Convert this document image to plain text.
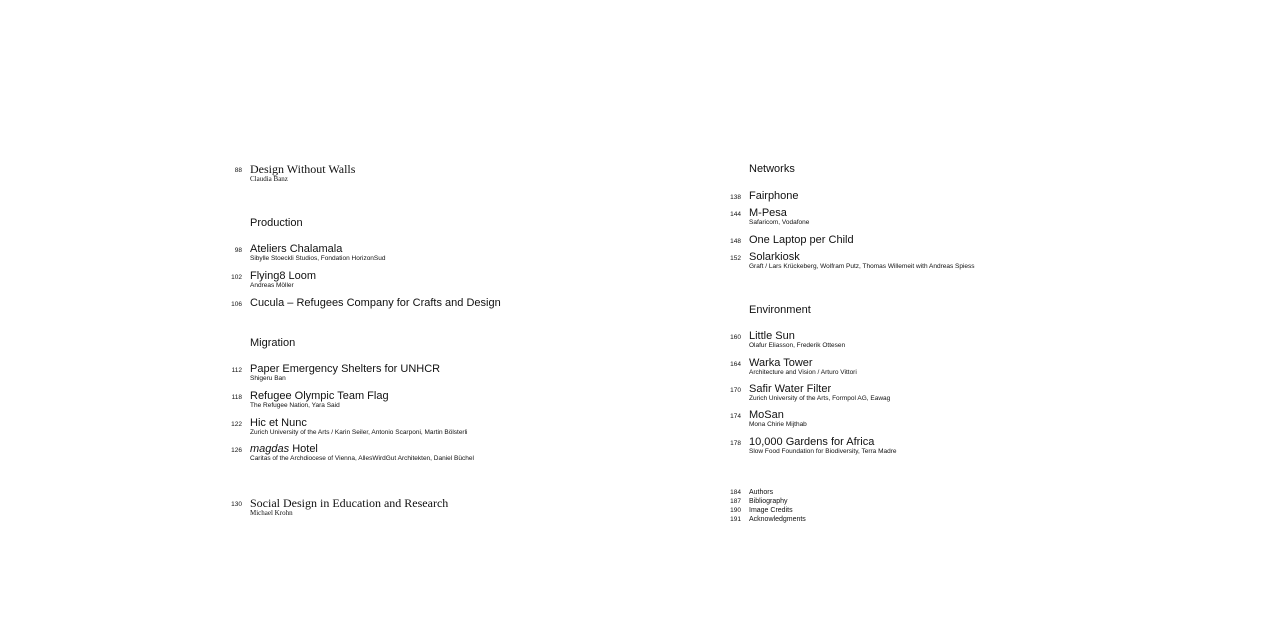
88 Design Without Walls
Claudia Banz
Production
98 Ateliers Chalamala
Sibylle Stoeckli Studios, Fondation HorizonSud
102 Flying8 Loom
Andreas Möller
106 Cucula – Refugees Company for Crafts and Design
Migration
112 Paper Emergency Shelters for UNHCR
Shigeru Ban
118 Refugee Olympic Team Flag
The Refugee Nation, Yara Said
122 Hic et Nunc
Zurich University of the Arts / Karin Seiler, Antonio Scarponi, Martin Bölsterli
126 magdas Hotel
Caritas of the Archdiocese of Vienna, AllesWirdGut Architekten, Daniel Büchel
130 Social Design in Education and Research
Michael Krohn
Networks
138 Fairphone
144 M-Pesa
Safaricom, Vodafone
148 One Laptop per Child
152 Solarkiosk
Graft / Lars Krückeberg, Wolfram Putz, Thomas Willemeit with Andreas Spiess
Environment
160 Little Sun
Olafur Eliasson, Frederik Ottesen
164 Warka Tower
Architecture and Vision / Arturo Vittori
170 Safir Water Filter
Zurich University of the Arts, Formpol AG, Eawag
174 MoSan
Mona Chirie Mijthab
178 10,000 Gardens for Africa
Slow Food Foundation for Biodiversity, Terra Madre
184 Authors
187 Bibliography
190 Image Credits
191 Acknowledgments
